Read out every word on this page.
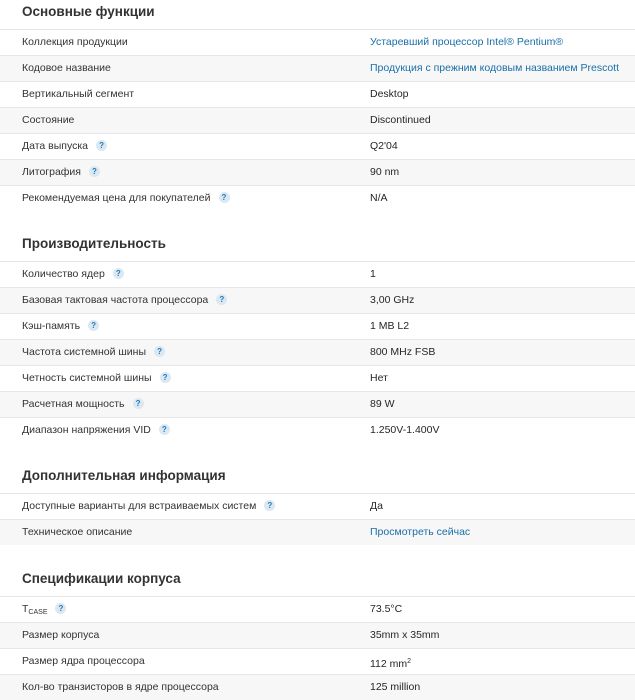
Основные функции
Коллекция продукции	Устаревший процессор Intel® Pentium®
Кодовое название	Продукция с прежним кодовым названием Prescott
Вертикальный сегмент	Desktop
Состояние	Discontinued
Дата выпуска ?	Q2'04
Литография ?	90 nm
Рекомендуемая цена для покупателей ?	N/A
Производительность
Количество ядер ?	1
Базовая тактовая частота процессора ?	3,00 GHz
Кэш-память ?	1 MB L2
Частота системной шины ?	800 MHz FSB
Четность системной шины ?	Нет
Расчетная мощность ?	89 W
Диапазон напряжения VID ?	1.250V-1.400V
Дополнительная информация
Доступные варианты для встраиваемых систем ?	Да
Техническое описание	Просмотреть сейчас
Спецификации корпуса
$T_{CASE}$ ?	73.5°C
Размер корпуса	35mm x 35mm
Размер ядра процессора	112 $mm^2$
Кол-во транзисторов в ядре процессора	125 million
